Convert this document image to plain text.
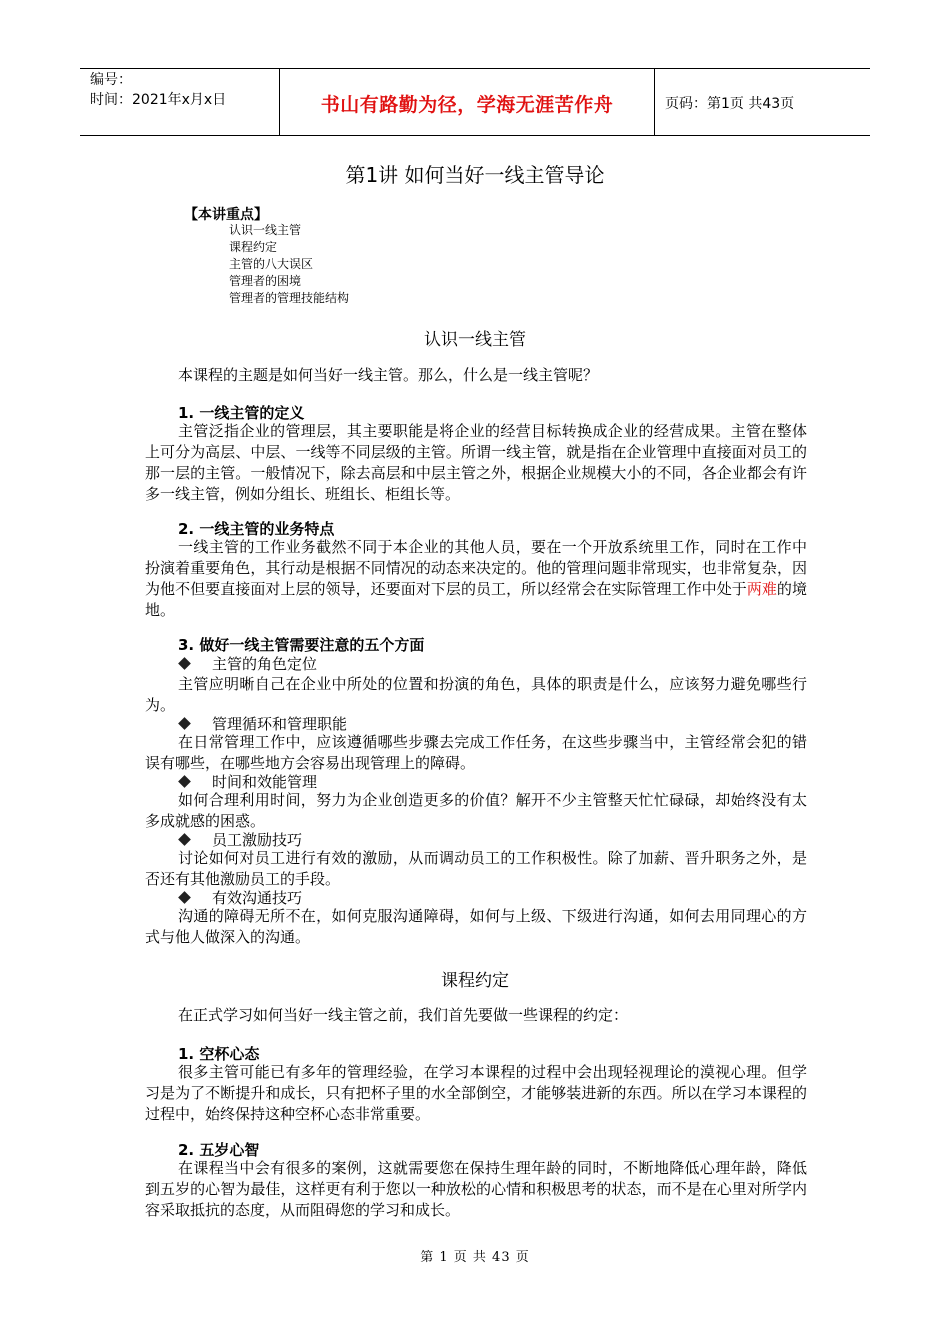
编号：
时间：2021年x月x日	书山有路勤为径，学海无涯苦作舟	页码：第1页 共43页
第1讲 如何当好一线主管导论
【本讲重点】
认识一线主管
课程约定
主管的八大误区
管理者的困境
管理者的管理技能结构
认识一线主管

本课程的主题是如何当好一线主管。那么，什么是一线主管呢？

1. 一线主管的定义

主管泛指企业的管理层，其主要职能是将企业的经营目标转换成企业的经营成果。主管在整体上可分为高层、中层、一线等不同层级的主管。所谓一线主管，就是指在企业管理中直接面对员工的那一层的主管。一般情况下，除去高层和中层主管之外，根据企业规模大小的不同，各企业都会有许多一线主管，例如分组长、班组长、柜组长等。

2. 一线主管的业务特点

一线主管的工作业务截然不同于本企业的其他人员，要在一个开放系统里工作，同时在工作中扮演着重要角色，其行动是根据不同情况的动态来决定的。他的管理问题非常现实，也非常复杂，因为他不但要直接面对上层的领导，还要面对下层的员工，所以经常会在实际管理工作中处于两难的境地。

3. 做好一线主管需要注意的五个方面
主管的角色定位

主管应明晰自己在企业中所处的位置和扮演的角色，具体的职责是什么，应该努力避免哪些行为。

管理循环和管理职能

在日常管理工作中，应该遵循哪些步骤去完成工作任务，在这些步骤当中，主管经常会犯的错误有哪些，在哪些地方会容易出现管理上的障碍。

时间和效能管理

如何合理利用时间，努力为企业创造更多的价值？解开不少主管整天忙忙碌碌，却始终没有太多成就感的困惑。

员工激励技巧

讨论如何对员工进行有效的激励，从而调动员工的工作积极性。除了加薪、晋升职务之外，是否还有其他激励员工的手段。

有效沟通技巧

沟通的障碍无所不在，如何克服沟通障碍，如何与上级、下级进行沟通，如何去用同理心的方式与他人做深入的沟通。

课程约定

在正式学习如何当好一线主管之前，我们首先要做一些课程的约定：

1. 空杯心态

很多主管可能已有多年的管理经验，在学习本课程的过程中会出现轻视理论的漠视心理。但学习是为了不断提升和成长，只有把杯子里的水全部倒空，才能够装进新的东西。所以在学习本课程的过程中，始终保持这种空杯心态非常重要。

2. 五岁心智

在课程当中会有很多的案例，这就需要您在保持生理年龄的同时，不断地降低心理年龄，降低到五岁的心智为最佳，这样更有利于您以一种放松的心情和积极思考的状态，而不是在心里对所学内容采取抵抗的态度，从而阻碍您的学习和成长。

第 1 页 共 43 页
